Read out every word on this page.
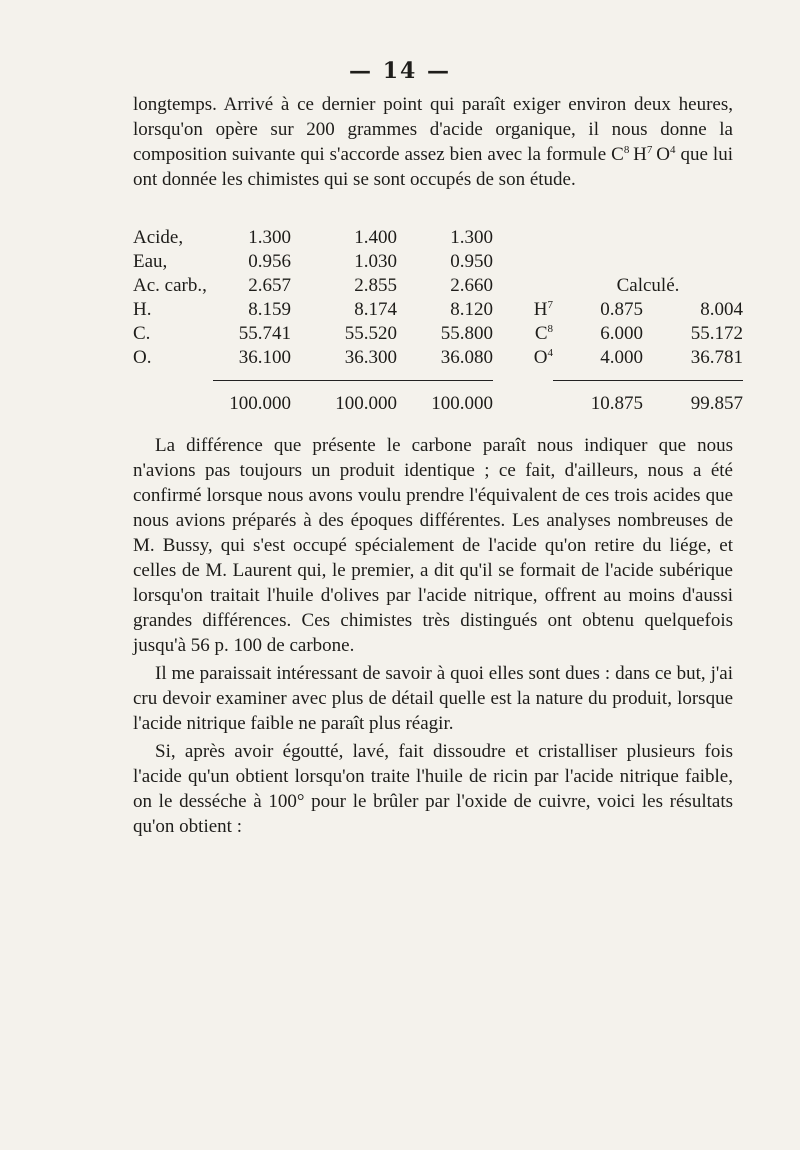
— 14 —

longtemps. Arrivé à ce dernier point qui paraît exiger environ deux heures, lorsqu'on opère sur 200 grammes d'acide organique, il nous donne la composition suivante qui s'accorde assez bien avec la formule $C^8$  $H^7$  $O^4$ que lui ont donnée les chimistes qui se sont occupés de son étude.

Acide,	1.300	1.400	1.300			
Eau,	0.956	1.030	0.950			
Ac. carb.,	2.657	2.855	2.660		Calculé.	
H.	8.159	8.174	8.120	$H^7$	0.875	8.004
C.	55.741	55.520	55.800	$C^8$	6.000	55.172
O.	36.100	36.300	36.080	$O^4$	4.000	36.781

	100.000	100.000	100.000		10.875	99.857

La différence que présente le carbone paraît nous indiquer que nous n'avions pas toujours un produit identique ; ce fait, d'ailleurs, nous a été confirmé lorsque nous avons voulu prendre l'équivalent de ces trois acides que nous avions préparés à des époques différentes. Les analyses nombreuses de M. Bussy, qui s'est occupé spécialement de l'acide qu'on retire du liége, et celles de M. Laurent qui, le premier, a dit qu'il se formait de l'acide subérique lorsqu'on traitait l'huile d'olives par l'acide nitrique, offrent au moins d'aussi grandes différences. Ces chimistes très distingués ont obtenu quelquefois jusqu'à 56 p. 100 de carbone.

Il me paraissait intéressant de savoir à quoi elles sont dues : dans ce but, j'ai cru devoir examiner avec plus de détail quelle est la nature du produit, lorsque l'acide nitrique faible ne paraît plus réagir.

Si, après avoir égoutté, lavé, fait dissoudre et cristalliser plusieurs fois l'acide qu'un obtient lorsqu'on traite l'huile de ricin par l'acide nitrique faible, on le desséche à 100° pour le brûler par l'oxide de cuivre, voici les résultats qu'on obtient :
